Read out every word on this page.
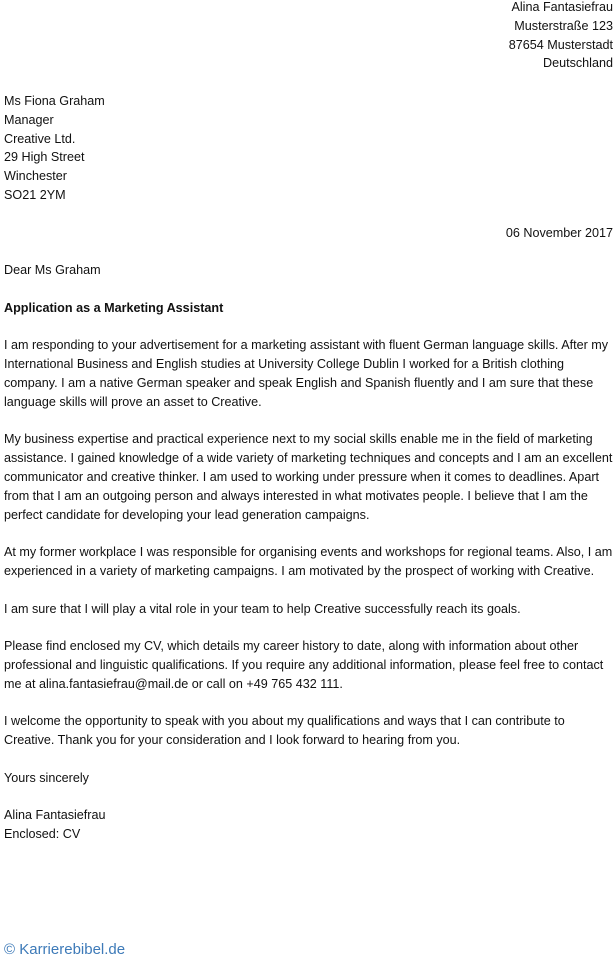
Alina Fantasiefrau
Musterstraße 123
87654 Musterstadt
Deutschland
Ms Fiona Graham
Manager
Creative Ltd.
29 High Street
Winchester
SO21 2YM
06 November 2017
Dear Ms Graham
Application as a Marketing Assistant
I am responding to your advertisement for a marketing assistant with fluent German language skills. After my International Business and English studies at University College Dublin I worked for a British clothing company. I am a native German speaker and speak English and Spanish fluently and I am sure that these language skills will prove an asset to Creative.
My business expertise and practical experience next to my social skills enable me in the field of marketing assistance. I gained knowledge of a wide variety of marketing techniques and concepts and I am an excellent communicator and creative thinker. I am used to working under pressure when it comes to deadlines. Apart from that I am an outgoing person and always interested in what motivates people. I believe that I am the perfect candidate for developing your lead generation campaigns.
At my former workplace I was responsible for organising events and workshops for regional teams. Also, I am experienced in a variety of marketing campaigns. I am motivated by the prospect of working with Creative.
I am sure that I will play a vital role in your team to help Creative successfully reach its goals.
Please find enclosed my CV, which details my career history to date, along with information about other professional and linguistic qualifications. If you require any additional information, please feel free to contact me at alina.fantasiefrau@mail.de or call on +49 765 432 111.
I welcome the opportunity to speak with you about my qualifications and ways that I can contribute to Creative. Thank you for your consideration and I look forward to hearing from you.
Yours sincerely
Alina Fantasiefrau
Enclosed: CV
© Karrierebibel.de
